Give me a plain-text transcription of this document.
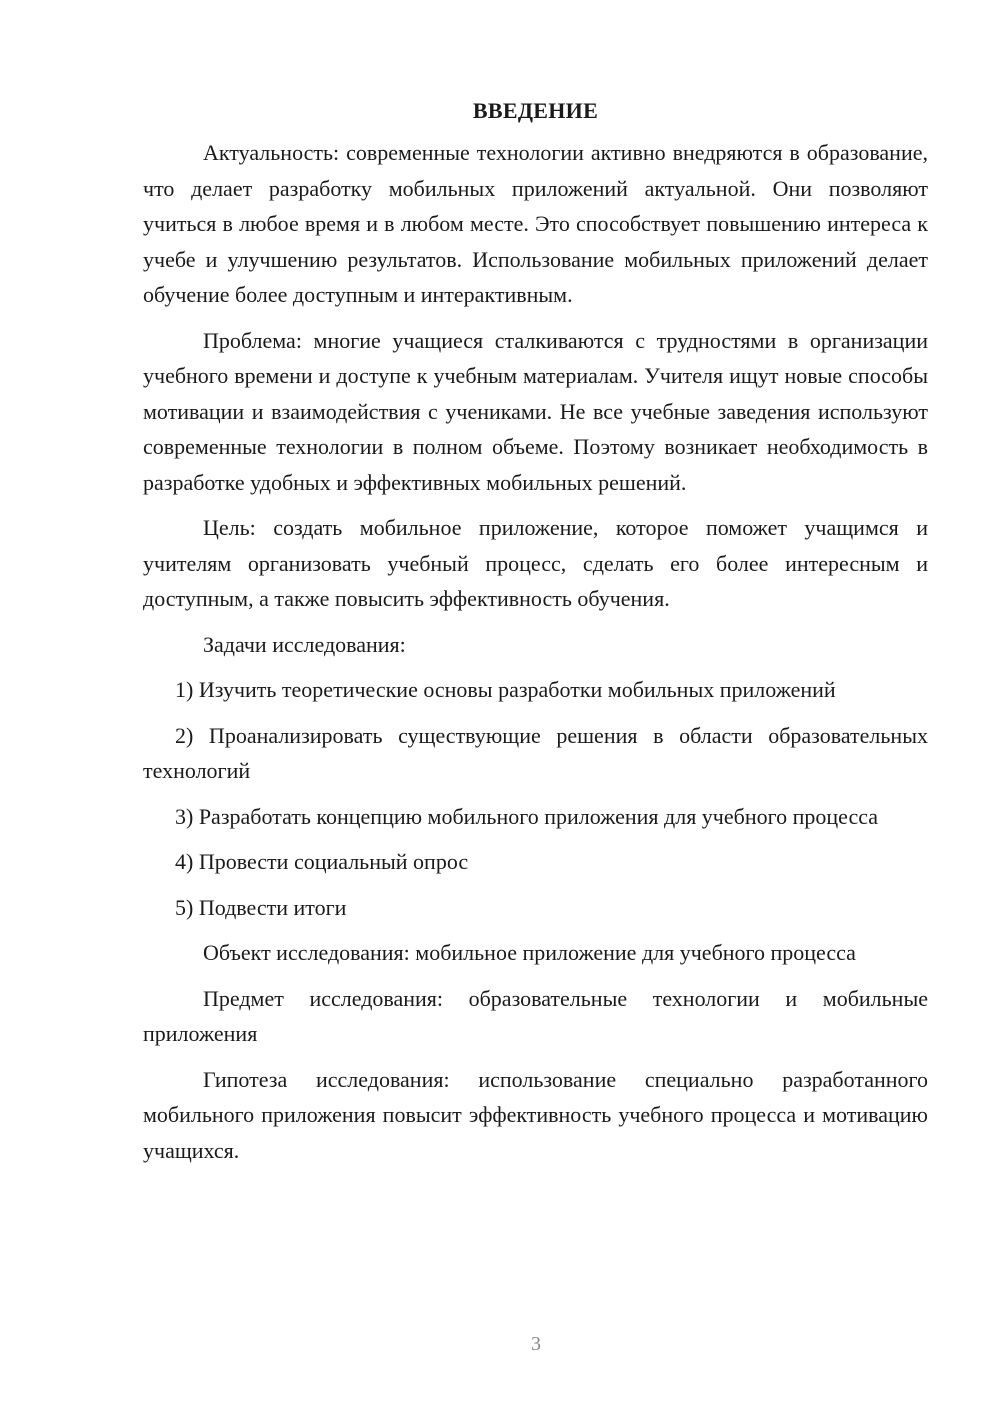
ВВЕДЕНИЕ

Актуальность: современные технологии активно внедряются в образование, что делает разработку мобильных приложений актуальной. Они позволяют учиться в любое время и в любом месте. Это способствует повышению интереса к учебе и улучшению результатов. Использование мобильных приложений делает обучение более доступным и интерактивным.

Проблема: многие учащиеся сталкиваются с трудностями в организации учебного времени и доступе к учебным материалам. Учителя ищут новые способы мотивации и взаимодействия с учениками. Не все учебные заведения используют современные технологии в полном объеме. Поэтому возникает необходимость в разработке удобных и эффективных мобильных решений.

Цель: создать мобильное приложение, которое поможет учащимся и учителям организовать учебный процесс, сделать его более интересным и доступным, а также повысить эффективность обучения.

Задачи исследования:

1) Изучить теоретические основы разработки мобильных приложений

2) Проанализировать существующие решения в области образовательных технологий

3) Разработать концепцию мобильного приложения для учебного процесса

4) Провести социальный опрос

5) Подвести итоги

Объект исследования: мобильное приложение для учебного процесса

Предмет исследования: образовательные технологии и мобильные приложения

Гипотеза исследования: использование специально разработанного мобильного приложения повысит эффективность учебного процесса и мотивацию учащихся.

3
